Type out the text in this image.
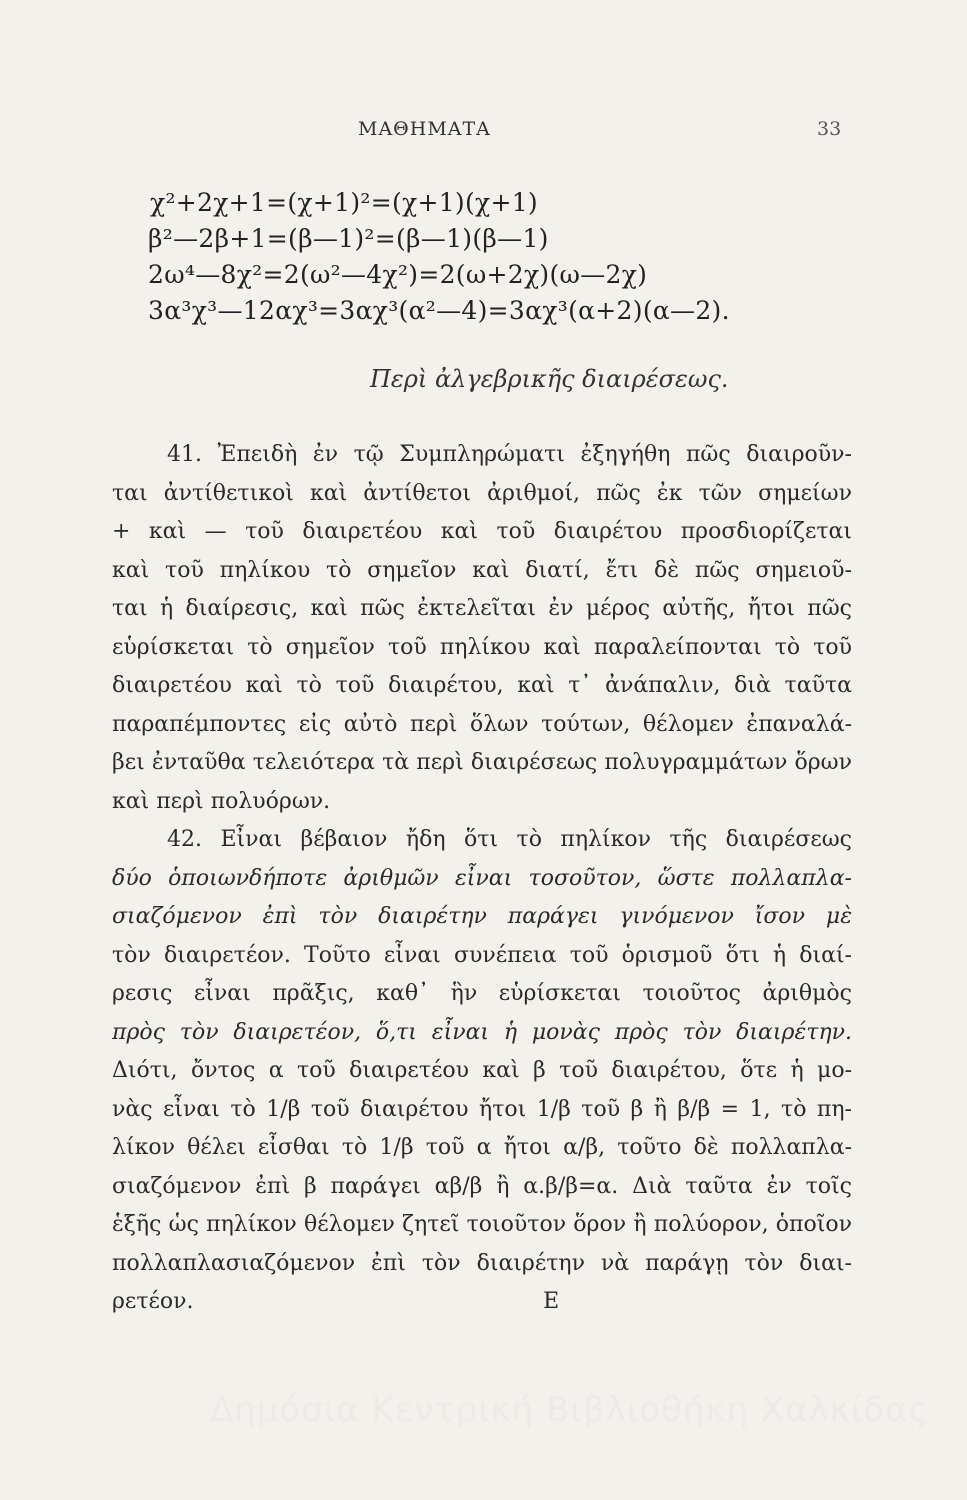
ΜΑΘΗΜΑΤΑ	33
χ²+2χ+1=(χ+1)²=(χ+1)(χ+1)
β²—2β+1=(β—1)²=(β—1)(β—1)
2ω⁴—8χ²=2(ω²—4χ²)=2(ω+2χ)(ω—2χ)
3α³χ³—12αχ³=3αχ³(α²—4)=3αχ³(α+2)(α—2).
Περὶ ἀλγεβρικῆς διαιρέσεως.
41. Ἐπειδὴ ἐν τῷ Συμπληρώματι ἐξηγήθη πῶς διαιροῦν-
ται ἀντίθετικοὶ καὶ ἀντίθετοι ἀριθμοί, πῶς ἐκ τῶν σημείων
+ καὶ — τοῦ διαιρετέου καὶ τοῦ διαιρέτου προσδιορίζεται
καὶ τοῦ πηλίκου τὸ σημεῖον καὶ διατί, ἔτι δὲ πῶς σημειοῦ-
ται ἡ διαίρεσις, καὶ πῶς ἐκτελεῖται ἐν μέρος αὐτῆς, ἤτοι πῶς
εὑρίσκεται τὸ σημεῖον τοῦ πηλίκου καὶ παραλείπονται τὸ τοῦ
διαιρετέου καὶ τὸ τοῦ διαιρέτου, καὶ τ᾽ ἀνάπαλιν, διὰ ταῦτα
παραπέμποντες εἰς αὐτὸ περὶ ὅλων τούτων, θέλομεν ἐπαναλά-
βει ἐνταῦθα τελειότερα τὰ περὶ διαιρέσεως πολυγραμμάτων ὅρων
καὶ περὶ πολυόρων.
42. Εἶναι βέβαιον ἤδη ὅτι τὸ πηλίκον τῆς διαιρέσεως
δύο ὁποιωνδήποτε ἀριθμῶν εἶναι τοσοῦτον, ὥστε πολλαπλα-
σιαζόμενον ἐπὶ τὸν διαιρέτην παράγει γινόμενον ἴσον μὲ
τὸν διαιρετέον. Τοῦτο εἶναι συνέπεια τοῦ ὁρισμοῦ ὅτι ἡ διαί-
ρεσις εἶναι πρᾶξις, καθ᾽ ἣν εὑρίσκεται τοιοῦτος ἀριθμὸς
πρὸς τὸν διαιρετέον, ὅ,τι εἶναι ἡ μονὰς πρὸς τὸν διαιρέτην.
Διότι, ὄντος α τοῦ διαιρετέου καὶ β τοῦ διαιρέτου, ὅτε ἡ μο-
νὰς εἶναι τὸ 1/β τοῦ διαιρέτου ἤτοι 1/β τοῦ β ἢ β/β = 1, τὸ πη-
λίκον θέλει εἶσθαι τὸ 1/β τοῦ α ἤτοι α/β, τοῦτο δὲ πολλαπλα-
σιαζόμενον ἐπὶ β παράγει αβ/β ἢ α.β/β=α. Διὰ ταῦτα ἐν τοῖς
ἑξῆς ὡς πηλίκον θέλομεν ζητεῖ τοιοῦτον ὅρον ἢ πολύορον, ὁποῖον
πολλαπλασιαζόμενον ἐπὶ τὸν διαιρέτην νὰ παράγῃ τὸν διαι-
ρετέον.                                                  Ε
Δημόσια Κεντρική Βιβλιοθήκη Χαλκίδας
